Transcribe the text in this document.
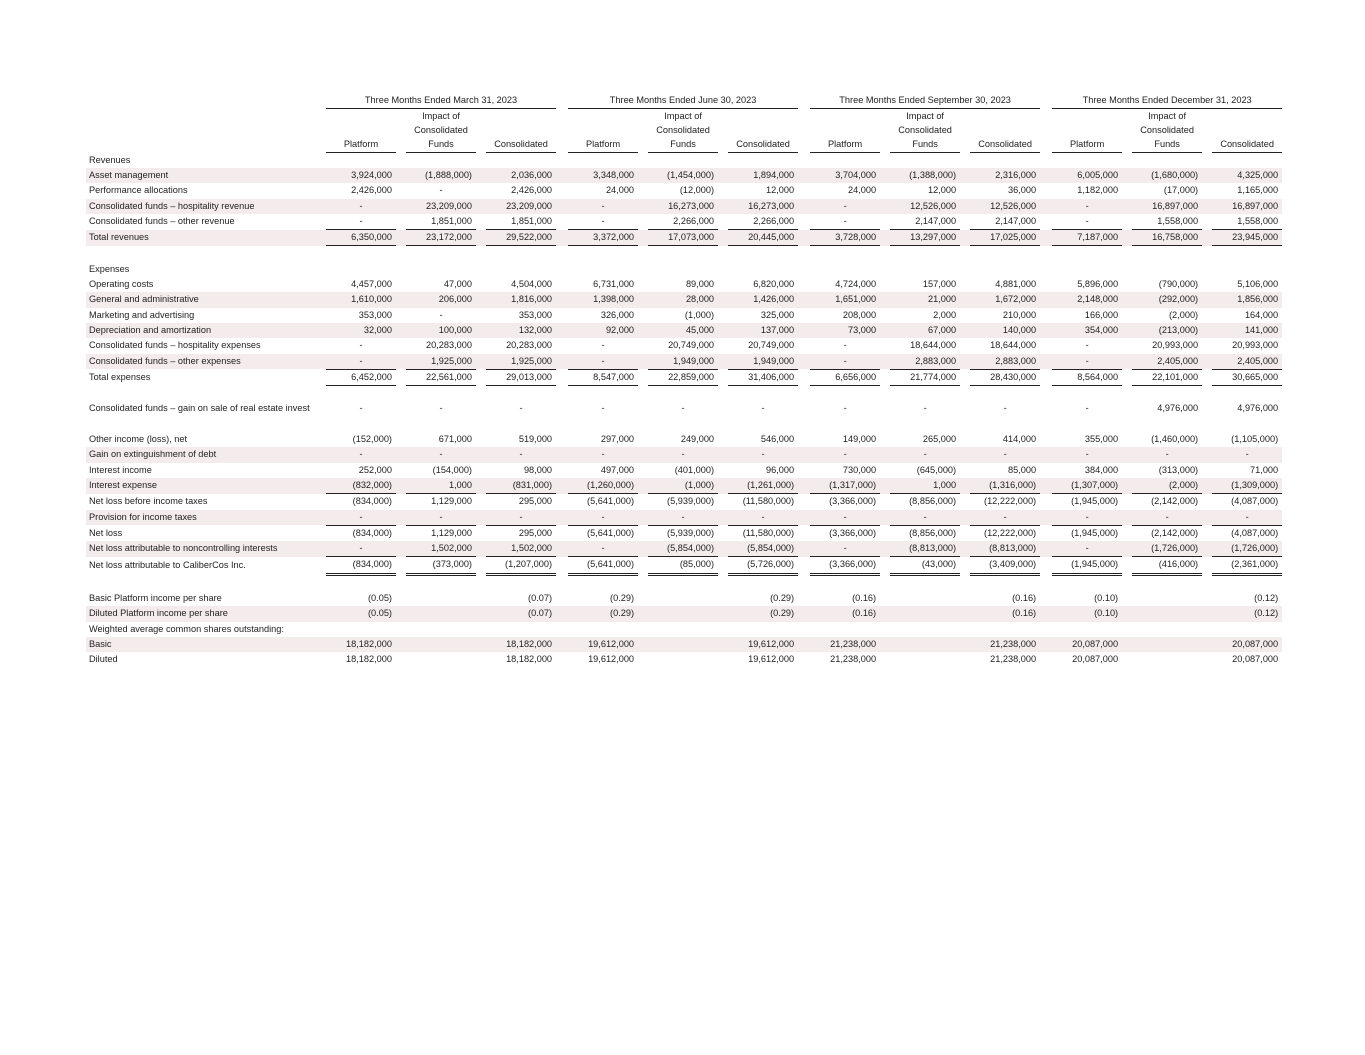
	Three Months Ended March 31, 2023						Three Months Ended June 30, 2023						Three Months Ended September 30, 2023						Three Months Ended December 31, 2023				
			Impact of						Impact of						Impact of						Impact of		
			Consolidated						Consolidated						Consolidated						Consolidated		
	Platform		Funds		Consolidated		Platform		Funds		Consolidated		Platform		Funds		Consolidated		Platform		Funds		Consolidated
Revenues																							
Asset management	3,924,000		(1,888,000)		2,036,000		3,348,000		(1,454,000)		1,894,000		3,704,000		(1,388,000)		2,316,000		6,005,000		(1,680,000)		4,325,000
Performance allocations	2,426,000		-		2,426,000		24,000		(12,000)		12,000		24,000		12,000		36,000		1,182,000		(17,000)		1,165,000
Consolidated funds – hospitality revenue	-		23,209,000		23,209,000		-		16,273,000		16,273,000		-		12,526,000		12,526,000		-		16,897,000		16,897,000
Consolidated funds – other revenue	-		1,851,000		1,851,000		-		2,266,000		2,266,000		-		2,147,000		2,147,000		-		1,558,000		1,558,000
Total revenues	6,350,000		23,172,000		29,522,000		3,372,000		17,073,000		20,445,000		3,728,000		13,297,000		17,025,000		7,187,000		16,758,000		23,945,000

Expenses																							
Operating costs	4,457,000		47,000		4,504,000		6,731,000		89,000		6,820,000		4,724,000		157,000		4,881,000		5,896,000		(790,000)		5,106,000
General and administrative	1,610,000		206,000		1,816,000		1,398,000		28,000		1,426,000		1,651,000		21,000		1,672,000		2,148,000		(292,000)		1,856,000
Marketing and advertising	353,000		-		353,000		326,000		(1,000)		325,000		208,000		2,000		210,000		166,000		(2,000)		164,000
Depreciation and amortization	32,000		100,000		132,000		92,000		45,000		137,000		73,000		67,000		140,000		354,000		(213,000)		141,000
Consolidated funds – hospitality expenses	-		20,283,000		20,283,000		-		20,749,000		20,749,000		-		18,644,000		18,644,000		-		20,993,000		20,993,000
Consolidated funds – other expenses	-		1,925,000		1,925,000		-		1,949,000		1,949,000		-		2,883,000		2,883,000		-		2,405,000		2,405,000
Total expenses	6,452,000		22,561,000		29,013,000		8,547,000		22,859,000		31,406,000		6,656,000		21,774,000		28,430,000		8,564,000		22,101,000		30,665,000

Consolidated funds – gain on sale of real estate invest	-		-		-		-		-		-		-		-		-		-		4,976,000		4,976,000

Other income (loss), net	(152,000)		671,000		519,000		297,000		249,000		546,000		149,000		265,000		414,000		355,000		(1,460,000)		(1,105,000)
Gain on extinguishment of debt	-		-		-		-		-		-		-		-		-		-		-		-
Interest income	252,000		(154,000)		98,000		497,000		(401,000)		96,000		730,000		(645,000)		85,000		384,000		(313,000)		71,000
Interest expense	(832,000)		1,000		(831,000)		(1,260,000)		(1,000)		(1,261,000)		(1,317,000)		1,000		(1,316,000)		(1,307,000)		(2,000)		(1,309,000)
Net loss before income taxes	(834,000)		1,129,000		295,000		(5,641,000)		(5,939,000)		(11,580,000)		(3,366,000)		(8,856,000)		(12,222,000)		(1,945,000)		(2,142,000)		(4,087,000)
Provision for income taxes	-		-		-		-		-		-		-		-		-		-		-		-
Net loss	(834,000)		1,129,000		295,000		(5,641,000)		(5,939,000)		(11,580,000)		(3,366,000)		(8,856,000)		(12,222,000)		(1,945,000)		(2,142,000)		(4,087,000)
Net loss attributable to noncontrolling interests	-		1,502,000		1,502,000		-		(5,854,000)		(5,854,000)		-		(8,813,000)		(8,813,000)		-		(1,726,000)		(1,726,000)
Net loss attributable to CaliberCos Inc.	(834,000)		(373,000)		(1,207,000)		(5,641,000)		(85,000)		(5,726,000)		(3,366,000)		(43,000)		(3,409,000)		(1,945,000)		(416,000)		(2,361,000)

Basic Platform income per share	(0.05)				(0.07)		(0.29)				(0.29)		(0.16)				(0.16)		(0.10)				(0.12)
Diluted Platform income per share	(0.05)				(0.07)		(0.29)				(0.29)		(0.16)				(0.16)		(0.10)				(0.12)
Weighted average common shares outstanding:																							
Basic	18,182,000				18,182,000		19,612,000				19,612,000		21,238,000				21,238,000		20,087,000				20,087,000
Diluted	18,182,000				18,182,000		19,612,000				19,612,000		21,238,000				21,238,000		20,087,000				20,087,000
